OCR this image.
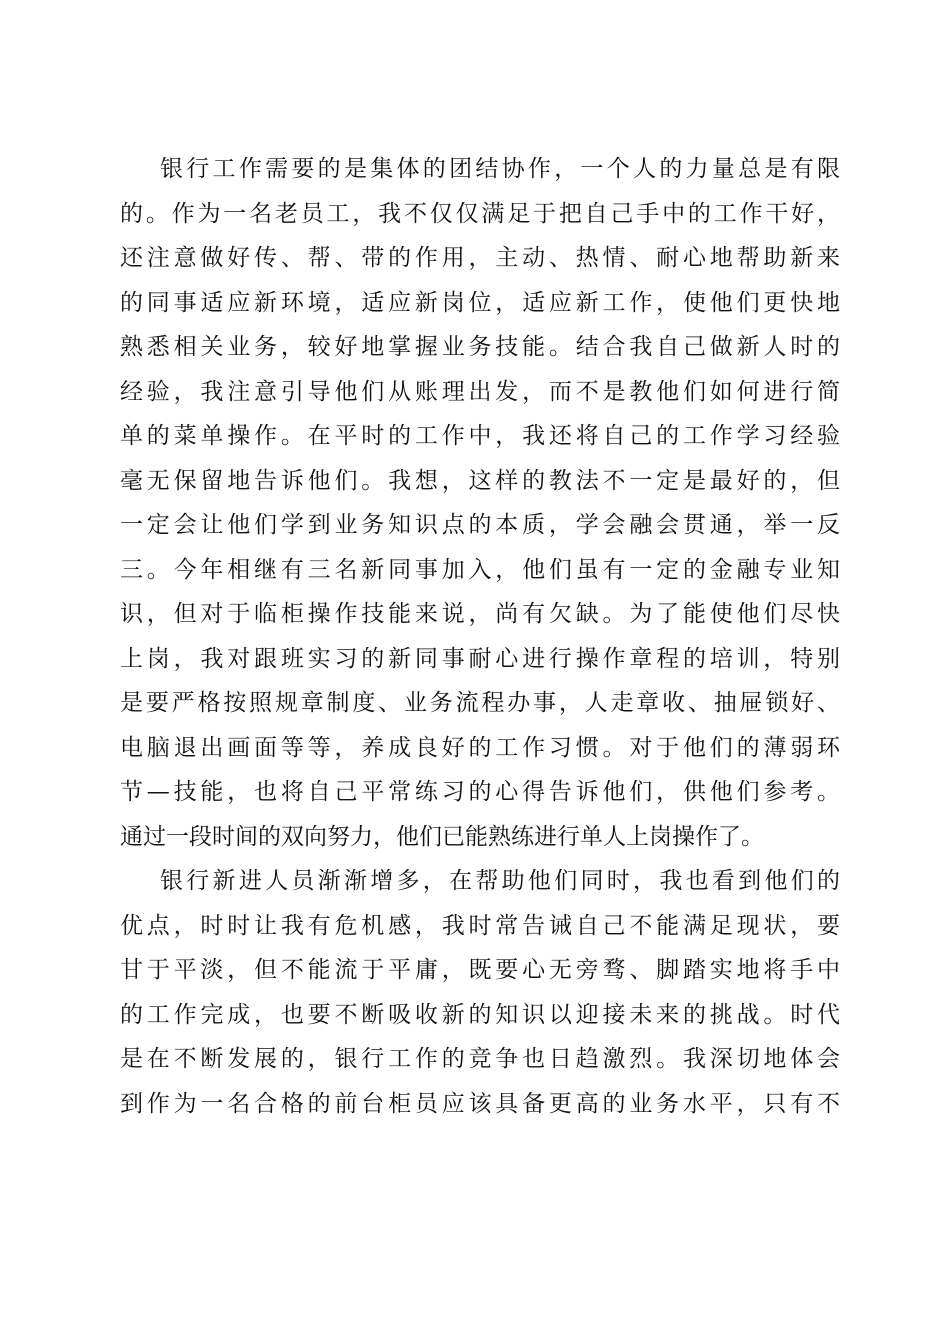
银行工作需要的是集体的团结协作，一个人的力量总是有限
的。作为一名老员工，我不仅仅满足于把自己手中的工作干好，
还注意做好传、帮、带的作用，主动、热情、耐心地帮助新来
的同事适应新环境，适应新岗位，适应新工作，使他们更快地
熟悉相关业务，较好地掌握业务技能。结合我自己做新人时的
经验，我注意引导他们从账理出发，而不是教他们如何进行简
单的菜单操作。在平时的工作中，我还将自己的工作学习经验
毫无保留地告诉他们。我想，这样的教法不一定是最好的，但
一定会让他们学到业务知识点的本质，学会融会贯通，举一反
三。今年相继有三名新同事加入，他们虽有一定的金融专业知
识，但对于临柜操作技能来说，尚有欠缺。为了能使他们尽快
上岗，我对跟班实习的新同事耐心进行操作章程的培训，特别
是要严格按照规章制度、业务流程办事，人走章收、抽屉锁好、
电脑退出画面等等，养成良好的工作习惯。对于他们的薄弱环
节—技能，也将自己平常练习的心得告诉他们，供他们参考。
通过一段时间的双向努力，他们已能熟练进行单人上岗操作了。
银行新进人员渐渐增多，在帮助他们同时，我也看到他们的
优点，时时让我有危机感，我时常告诫自己不能满足现状，要
甘于平淡，但不能流于平庸，既要心无旁骛、脚踏实地将手中
的工作完成，也要不断吸收新的知识以迎接未来的挑战。时代
是在不断发展的，银行工作的竞争也日趋激烈。我深切地体会
到作为一名合格的前台柜员应该具备更高的业务水平，只有不
